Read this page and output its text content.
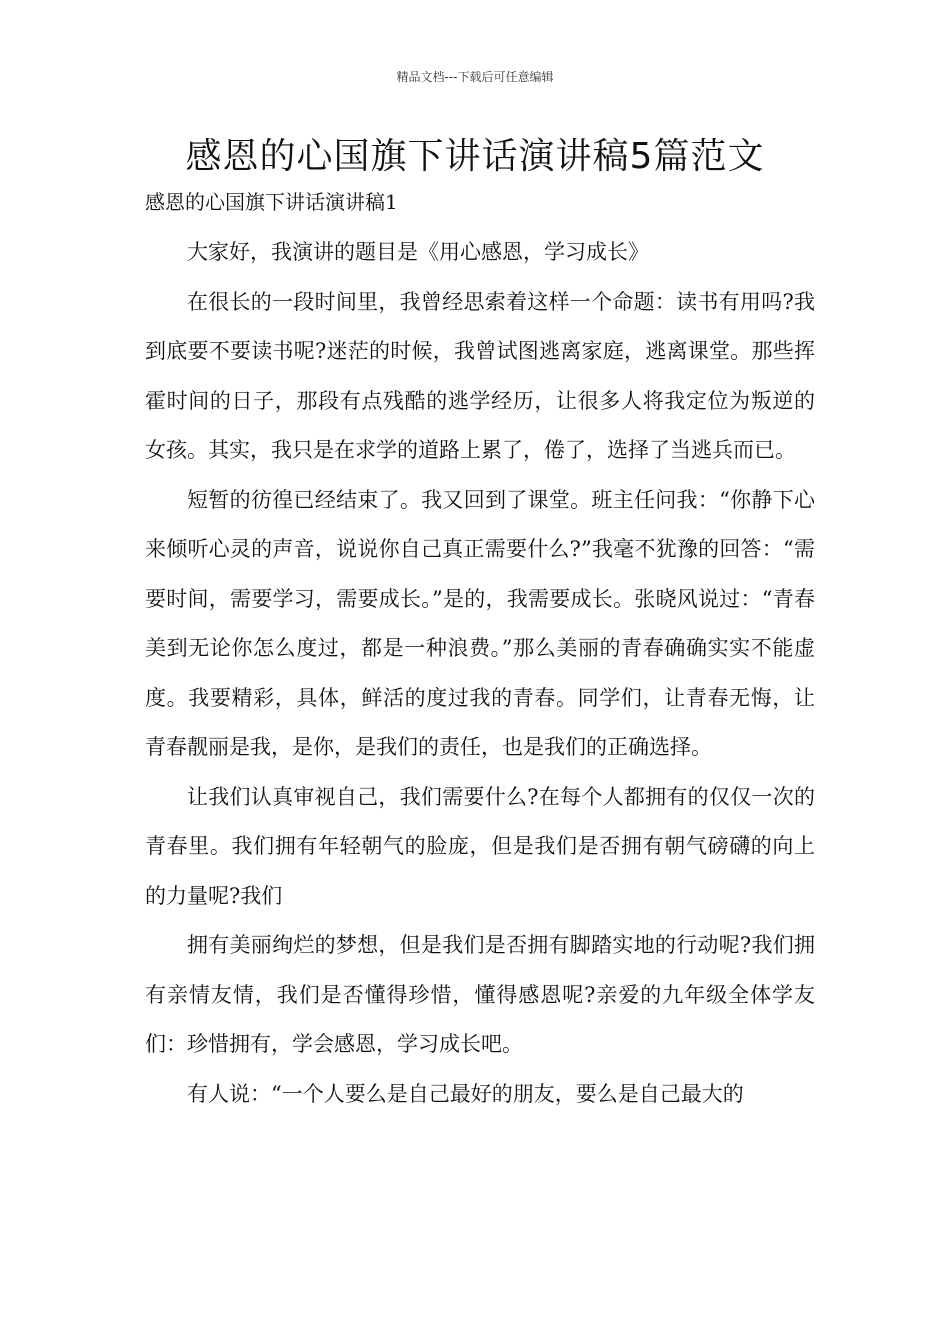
精品文档---下载后可任意编辑
感恩的心国旗下讲话演讲稿5篇范文
感恩的心国旗下讲话演讲稿1

大家好，我演讲的题目是《用心感恩，学习成长》

在很长的一段时间里，我曾经思索着这样一个命题：读书有用吗?我到底要不要读书呢?迷茫的时候，我曾试图逃离家庭，逃离课堂。那些挥霍时间的日子，那段有点残酷的逃学经历，让很多人将我定位为叛逆的女孩。其实，我只是在求学的道路上累了，倦了，选择了当逃兵而已。

短暂的彷徨已经结束了。我又回到了课堂。班主任问我：“你静下心来倾听心灵的声音，说说你自己真正需要什么?”我毫不犹豫的回答：“需要时间，需要学习，需要成长。”是的，我需要成长。张晓风说过：“青春美到无论你怎么度过，都是一种浪费。”那么美丽的青春确确实实不能虚度。我要精彩，具体，鲜活的度过我的青春。同学们，让青春无悔，让青春靓丽是我，是你，是我们的责任，也是我们的正确选择。

让我们认真审视自己，我们需要什么?在每个人都拥有的仅仅一次的青春里。我们拥有年轻朝气的脸庞，但是我们是否拥有朝气磅礴的向上的力量呢?我们

拥有美丽绚烂的梦想，但是我们是否拥有脚踏实地的行动呢?我们拥有亲情友情，我们是否懂得珍惜，懂得感恩呢?亲爱的九年级全体学友们：珍惜拥有，学会感恩，学习成长吧。

有人说：“一个人要么是自己最好的朋友，要么是自己最大的
